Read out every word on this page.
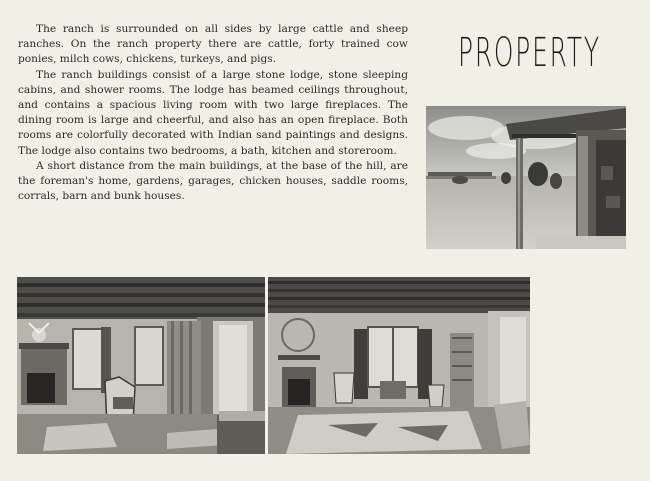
The ranch is surrounded on all sides by large cattle and sheep ranches. On the ranch property there are cattle, forty trained cow ponies, milch cows, chickens, turkeys, and pigs.

The ranch buildings consist of a large stone lodge, stone sleeping cabins, and shower rooms. The lodge has beamed ceilings throughout, and contains a spacious living room with two large fireplaces. The dining room is large and cheerful, and also has an open fireplace. Both rooms are colorfully decorated with Indian sand paintings and designs. The lodge also contains two bedrooms, a bath, kitchen and storeroom.

A short distance from the main buildings, at the base of the hill, are the foreman's home, gardens, garages, chicken houses, saddle rooms, corrals, barn and bunk houses.

PROPERTY
